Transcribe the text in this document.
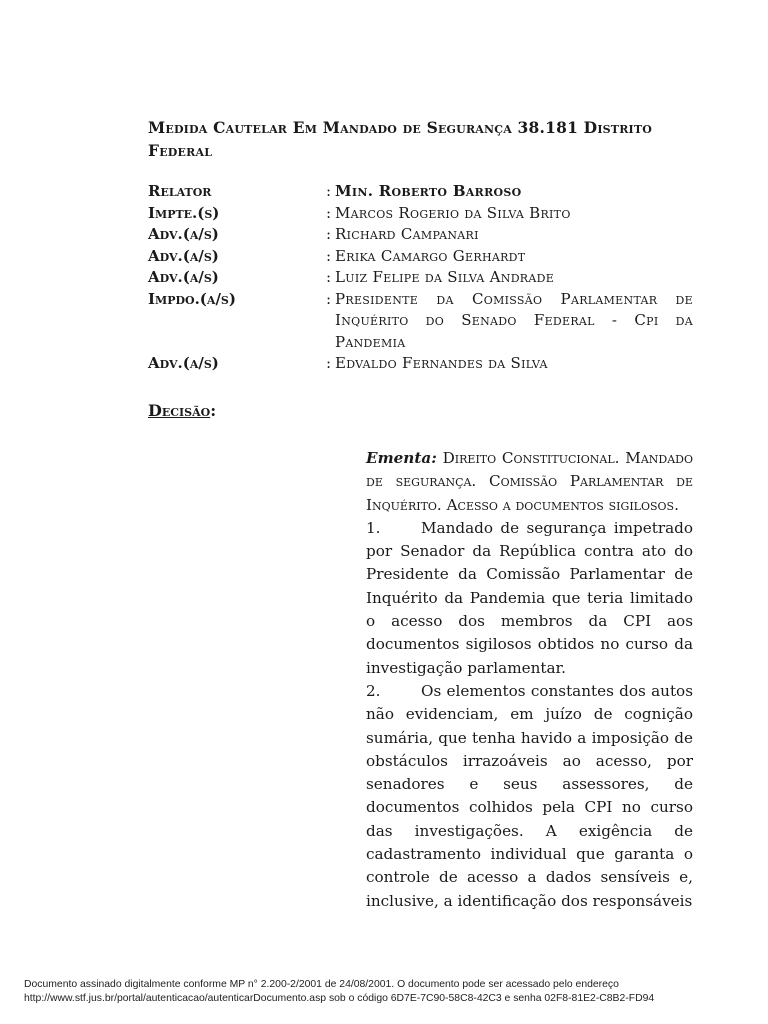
Medida Cautelar Em Mandado de Segurança 38.181 Distrito Federal
Relator	: Min. Roberto Barroso
Impte.(s)	: Marcos Rogerio da Silva Brito
Adv.(a/s)	: Richard Campanari
Adv.(a/s)	: Erika Camargo Gerhardt
Adv.(a/s)	: Luiz Felipe da Silva Andrade
Impdo.(a/s)	: Presidente da Comissão Parlamentar de Inquérito do Senado Federal - Cpi da Pandemia
Adv.(a/s)	: Edvaldo Fernandes da Silva
Decisão:

Ementa: Direito Constitucional. Mandado de segurança. Comissão Parlamentar de Inquérito. Acesso a documentos sigilosos.

1.	Mandado de segurança impetrado por Senador da República contra ato do Presidente da Comissão Parlamentar de Inquérito da Pandemia que teria limitado o acesso dos membros da CPI aos documentos sigilosos obtidos no curso da investigação parlamentar.

2.	Os elementos constantes dos autos não evidenciam, em juízo de cognição sumária, que tenha havido a imposição de obstáculos irrazoáveis ao acesso, por senadores e seus assessores, de documentos colhidos pela CPI no curso das investigações. A exigência de cadastramento individual que garanta o controle de acesso a dados sensíveis e, inclusive, a identificação dos responsáveis

Documento assinado digitalmente conforme MP n° 2.200-2/2001 de 24/08/2001. O documento pode ser acessado pelo endereço
http://www.stf.jus.br/portal/autenticacao/autenticarDocumento.asp sob o código 6D7E-7C90-58C8-42C3 e senha 02F8-81E2-C8B2-FD94
